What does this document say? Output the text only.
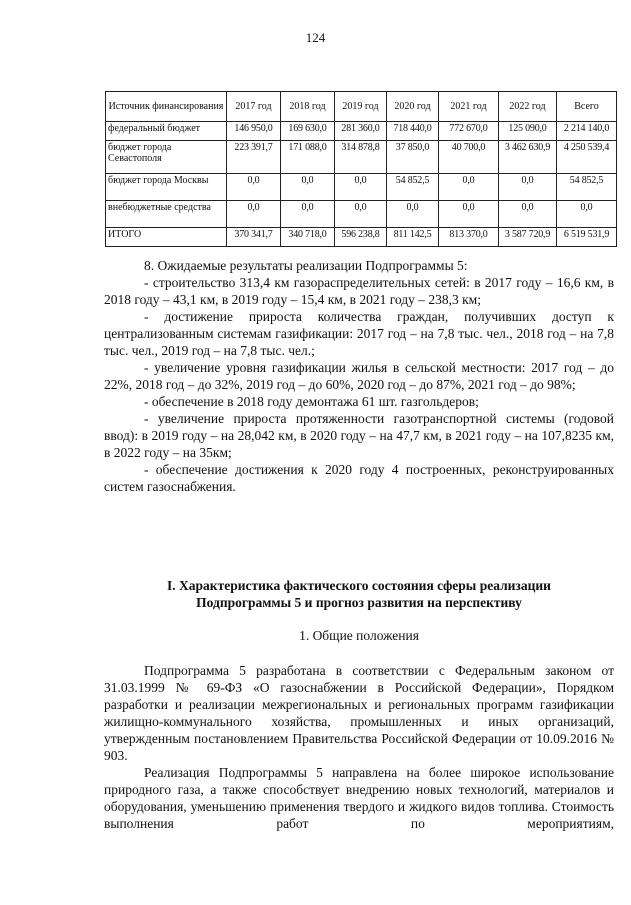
124
Источник финансирования	2017 год	2018 год	2019 год	2020 год	2021 год	2022 год	Всего
федеральный бюджет	146 950,0	169 630,0	281 360,0	718 440,0	772 670,0	125 090,0	2 214 140,0
бюджет города Севастополя	223 391,7	171 088,0	314 878,8	37 850,0	40 700,0	3 462 630,9	4 250 539,4
бюджет города Москвы	0,0	0,0	0,0	54 852,5	0,0	0,0	54 852,5
внебюджетные средства	0,0	0,0	0,0	0,0	0,0	0,0	0,0
ИТОГО	370 341,7	340 718,0	596 238,8	811 142,5	813 370,0	3 587 720,9	6 519 531,9

8. Ожидаемые результаты реализации Подпрограммы 5:

- строительство 313,4 км газораспределительных сетей: в 2017 году – 16,6 км, в 2018 году – 43,1 км, в 2019 году – 15,4 км, в 2021 году – 238,3 км;

- достижение прироста количества граждан, получивших доступ к централизованным системам газификации: 2017 год – на 7,8 тыс. чел., 2018 год – на 7,8 тыс. чел., 2019 год – на 7,8 тыс. чел.;

- увеличение уровня газификации жилья в сельской местности: 2017 год – до 22%, 2018 год – до 32%, 2019 год – до 60%, 2020 год – до 87%, 2021 год – до 98%;

- обеспечение в 2018 году демонтажа 61 шт. газгольдеров;

- увеличение прироста протяженности газотранспортной системы (годовой ввод): в 2019 году – на 28,042 км, в 2020 году – на 47,7 км, в 2021 году – на 107,8235 км, в 2022 году – на 35км;

- обеспечение достижения к 2020 году 4 построенных, реконструированных систем газоснабжения.

I. Характеристика фактического состояния сферы реализации

Подпрограммы 5 и прогноз развития на перспективу

1. Общие положения

Подпрограмма 5 разработана в соответствии с Федеральным законом от 31.03.1999 № 69-ФЗ «О газоснабжении в Российской Федерации», Порядком разработки и реализации межрегиональных и региональных программ газификации жилищно-коммунального хозяйства, промышленных и иных организаций, утвержденным постановлением Правительства Российской Федерации от 10.09.2016 № 903.

Реализация Подпрограммы 5 направлена на более широкое использование природного газа, а также способствует внедрению новых технологий, материалов и оборудования, уменьшению применения твердого и жидкого видов топлива. Стоимость выполнения работ по мероприятиям,
